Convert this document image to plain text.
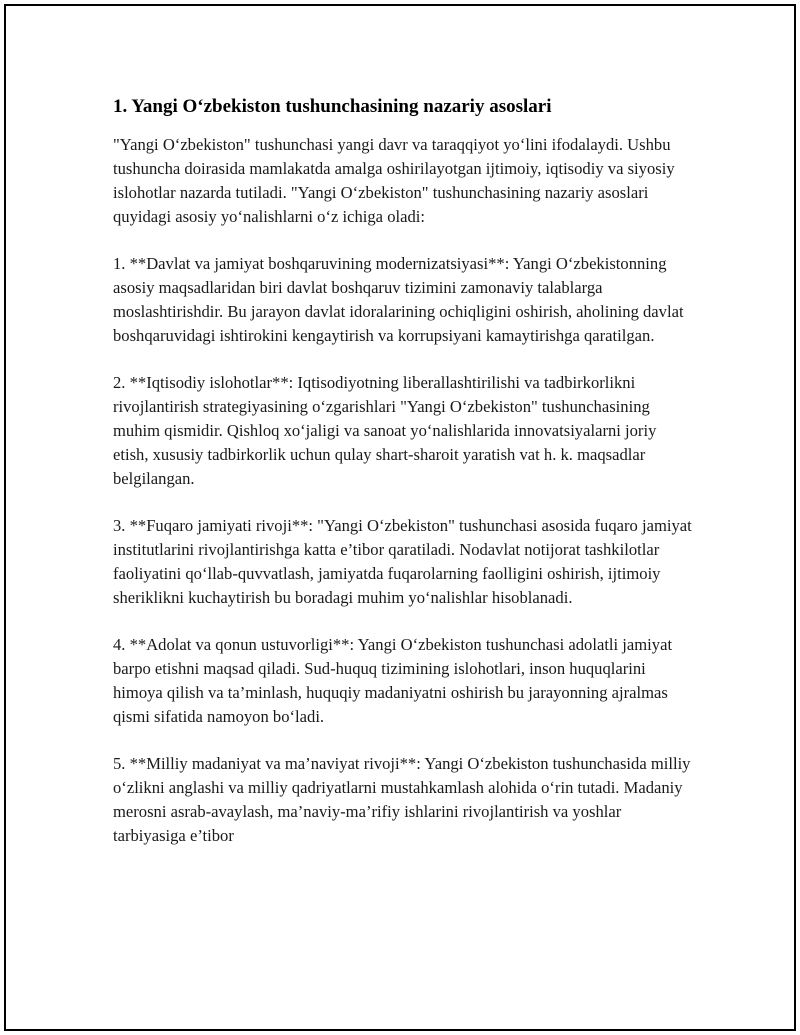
1. Yangi O‘zbekiston tushunchasining nazariy asoslari

"Yangi O‘zbekiston" tushunchasi yangi davr va taraqqiyot yo‘lini ifodalaydi. Ushbu tushuncha doirasida mamlakatda amalga oshirilayotgan ijtimoiy, iqtisodiy va siyosiy islohotlar nazarda tutiladi. "Yangi O‘zbekiston" tushunchasining nazariy asoslari quyidagi asosiy yo‘nalishlarni o‘z ichiga oladi:

1. **Davlat va jamiyat boshqaruvining modernizatsiyasi**: Yangi O‘zbekistonning asosiy maqsadlaridan biri davlat boshqaruv tizimini zamonaviy talablarga moslashtirishdir. Bu jarayon davlat idoralarining ochiqligini oshirish, aholining davlat boshqaruvidagi ishtirokini kengaytirish va korrupsiyani kamaytirishga qaratilgan.

2. **Iqtisodiy islohotlar**: Iqtisodiyotning liberallashtirilishi va tadbirkorlikni rivojlantirish strategiyasining o‘zgarishlari "Yangi O‘zbekiston" tushunchasining muhim qismidir. Qishloq xo‘jaligi va sanoat yo‘nalishlarida innovatsiyalarni joriy etish, xususiy tadbirkorlik uchun qulay shart-sharoit yaratish vat h. k. maqsadlar belgilangan.

3. **Fuqaro jamiyati rivoji**: "Yangi O‘zbekiston" tushunchasi asosida fuqaro jamiyat institutlarini rivojlantirishga katta e’tibor qaratiladi. Nodavlat notijorat tashkilotlar faoliyatini qo‘llab-quvvatlash, jamiyatda fuqarolarning faolligini oshirish, ijtimoiy sheriklikni kuchaytirish bu boradagi muhim yo‘nalishlar hisoblanadi.

4. **Adolat va qonun ustuvorligi**: Yangi O‘zbekiston tushunchasi adolatli jamiyat barpo etishni maqsad qiladi. Sud-huquq tizimining islohotlari, inson huquqlarini himoya qilish va ta’minlash, huquqiy madaniyatni oshirish bu jarayonning ajralmas qismi sifatida namoyon bo‘ladi.

5. **Milliy madaniyat va ma’naviyat rivoji**: Yangi O‘zbekiston tushunchasida milliy o‘zlikni anglashi va milliy qadriyatlarni mustahkamlash alohida o‘rin tutadi. Madaniy merosni asrab-avaylash, ma’naviy-ma’rifiy ishlarini rivojlantirish va yoshlar tarbiyasiga e’tibor
